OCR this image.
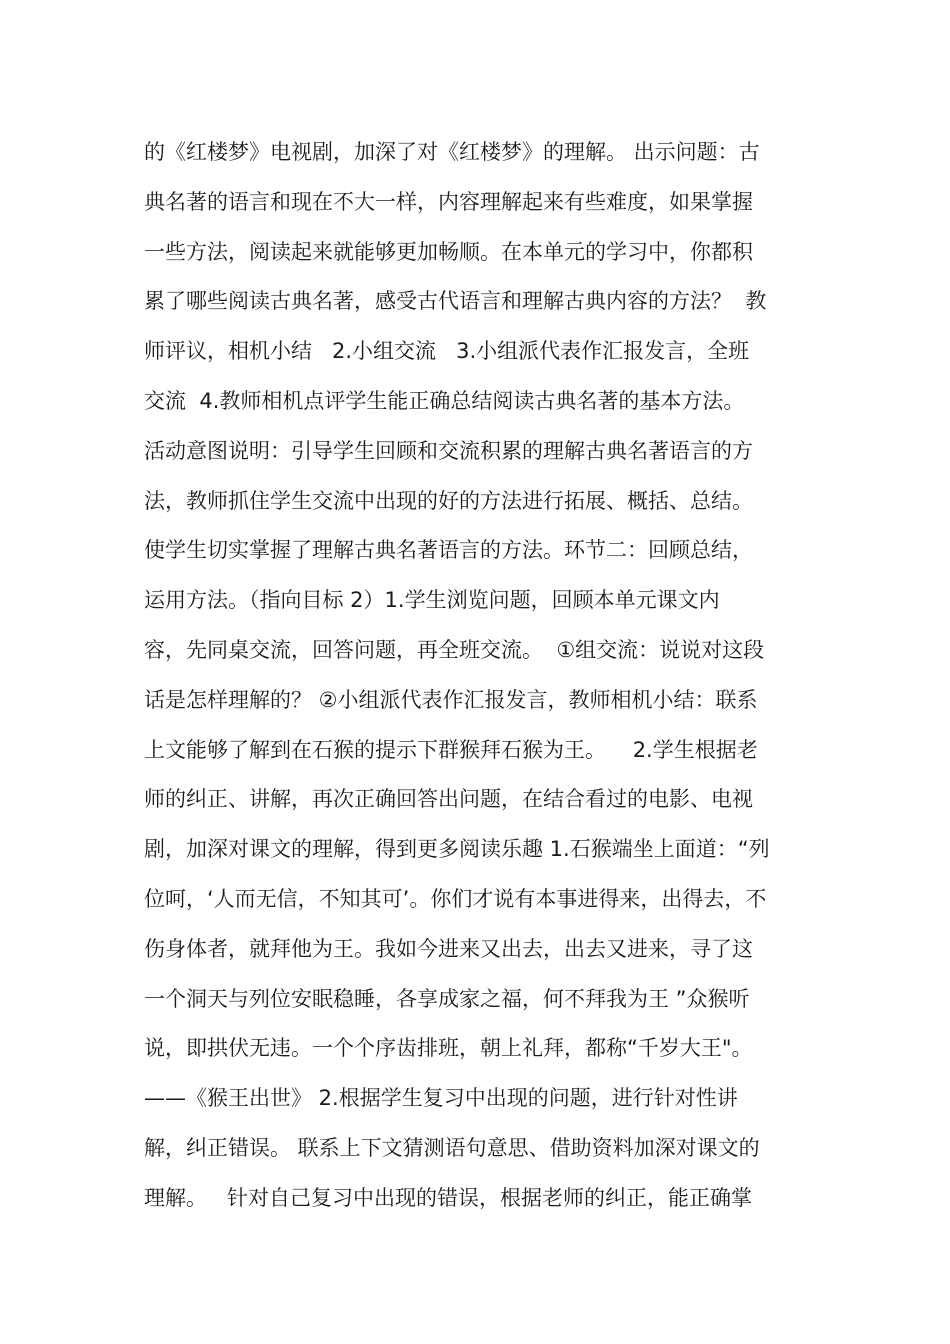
的《红楼梦》电视剧，加深了对《红楼梦》的理解。 出示问题：古
典名著的语言和现在不大一样，内容理解起来有些难度，如果掌握
一些方法，阅读起来就能够更加畅顺。在本单元的学习中，你都积
累了哪些阅读古典名著，感受古代语言和理解古典内容的方法？  教
师评议，相机小结   2.小组交流   3.小组派代表作汇报发言，全班
交流  4.教师相机点评学生能正确总结阅读古典名著的基本方法。
活动意图说明：引导学生回顾和交流积累的理解古典名著语言的方
法，教师抓住学生交流中出现的好的方法进行拓展、概括、总结。
使学生切实掌握了理解古典名著语言的方法。环节二：回顾总结，
运用方法。（指向目标 2）1.学生浏览问题，回顾本单元课文内
容，先同桌交流，回答问题，再全班交流。  ①组交流：说说对这段
话是怎样理解的？ ②小组派代表作汇报发言，教师相机小结：联系
上文能够了解到在石猴的提示下群猴拜石猴为王。    2.学生根据老
师的纠正、讲解，再次正确回答出问题，在结合看过的电影、电视
剧，加深对课文的理解，得到更多阅读乐趣 1.石猴端坐上面道：“列
位呵，‘人而无信，不知其可’。你们才说有本事进得来，出得去，不
伤身体者，就拜他为王。我如今进来又出去，出去又进来，寻了这
一个洞天与列位安眠稳睡，各享成家之福，何不拜我为王 ”众猴听
说，即拱伏无违。一个个序齿排班，朝上礼拜，都称“千岁大王"。
——《猴王出世》 2.根据学生复习中出现的问题，进行针对性讲
解，纠正错误。 联系上下文猜测语句意思、借助资料加深对课文的
理解。   针对自己复习中出现的错误，根据老师的纠正，能正确掌
